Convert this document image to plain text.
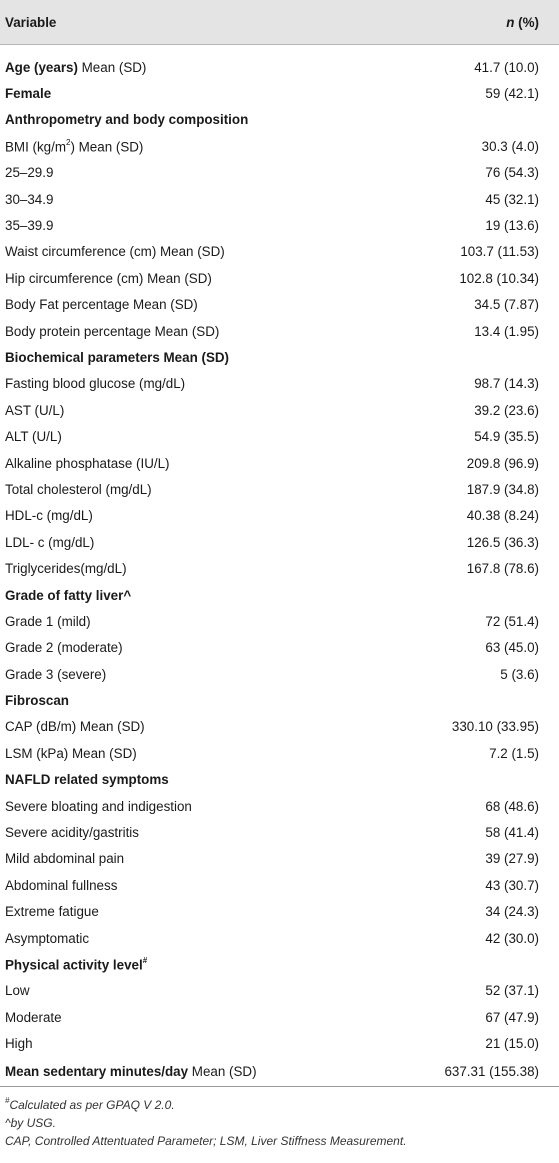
Variable	n (%)
Age (years) Mean (SD)	41.7 (10.0)
Female	59 (42.1)
Anthropometry and body composition
BMI $(kg/m^2)$ Mean (SD)	30.3 (4.0)
25–29.9	76 (54.3)
30–34.9	45 (32.1)
35–39.9	19 (13.6)
Waist circumference (cm) Mean (SD)	103.7 (11.53)
Hip circumference (cm) Mean (SD)	102.8 (10.34)
Body Fat percentage Mean (SD)	34.5 (7.87)
Body protein percentage Mean (SD)	13.4 (1.95)
Biochemical parameters Mean (SD)
Fasting blood glucose (mg/dL)	98.7 (14.3)
AST (U/L)	39.2 (23.6)
ALT (U/L)	54.9 (35.5)
Alkaline phosphatase (IU/L)	209.8 (96.9)
Total cholesterol (mg/dL)	187.9 (34.8)
HDL-c (mg/dL)	40.38 (8.24)
LDL- c (mg/dL)	126.5 (36.3)
Triglycerides(mg/dL)	167.8 (78.6)
Grade of fatty liver^
Grade 1 (mild)	72 (51.4)
Grade 2 (moderate)	63 (45.0)
Grade 3 (severe)	5 (3.6)
Fibroscan
CAP (dB/m) Mean (SD)	330.10 (33.95)
LSM (kPa) Mean (SD)	7.2 (1.5)
NAFLD related symptoms
Severe bloating and indigestion	68 (48.6)
Severe acidity/gastritis	58 (41.4)
Mild abdominal pain	39 (27.9)
Abdominal fullness	43 (30.7)
Extreme fatigue	34 (24.3)
Asymptomatic	42 (30.0)
Physical activity level#
Low	52 (37.1)
Moderate	67 (47.9)
High	21 (15.0)
Mean sedentary minutes/day Mean (SD)	637.31 (155.38)
#Calculated as per GPAQ V 2.0.
^by USG.
CAP, Controlled Attentuated Parameter; LSM, Liver Stiffness Measurement.
